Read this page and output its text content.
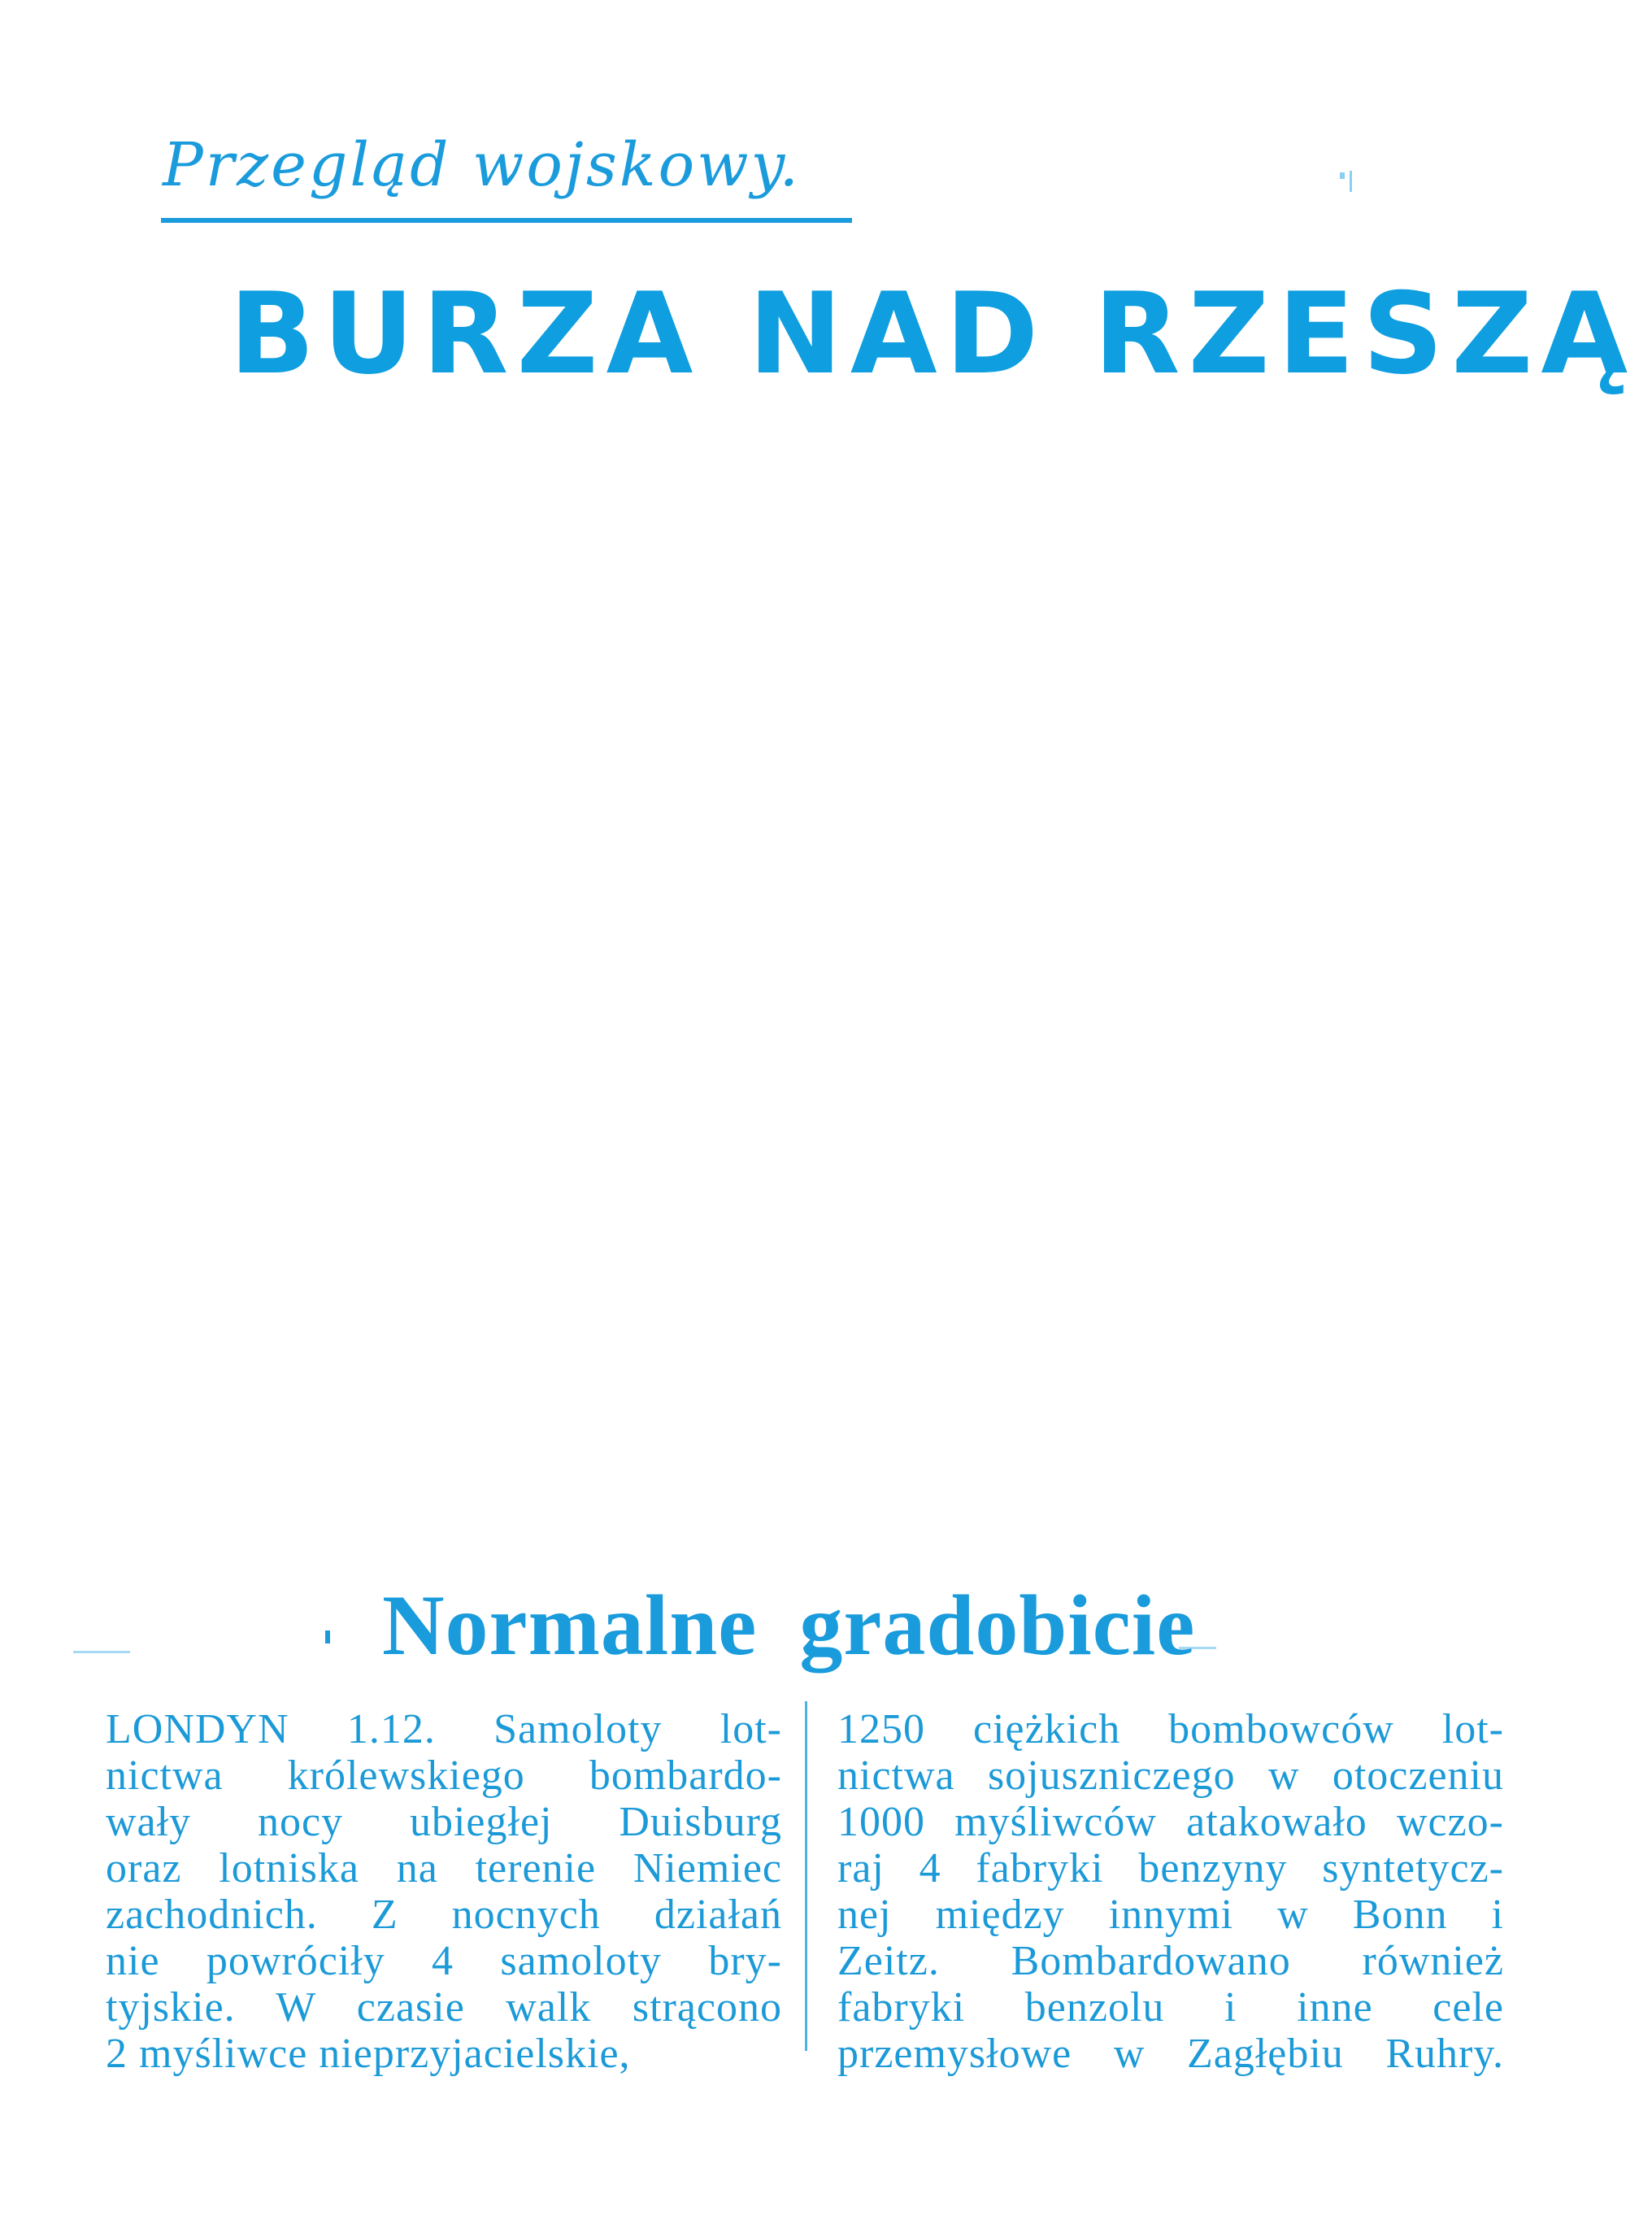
Przegląd wojskowy.
BURZA NAD RZESZĄ
Normalne gradobicie
LONDYN 1.12. Samoloty lot-
nictwa królewskiego bombardo-
wały nocy ubiegłej Duisburg
oraz lotniska na terenie Niemiec
zachodnich. Z nocnych działań
nie powróciły 4 samoloty bry-
tyjskie. W czasie walk strącono
2 myśliwce nieprzyjacielskie,
1250 ciężkich bombowców lot-
nictwa sojuszniczego w otoczeniu
1000 myśliwców atakowało wczo-
raj 4 fabryki benzyny syntetycz-
nej między innymi w Bonn i
Zeitz. Bombardowano również
fabryki benzolu i inne cele
przemysłowe w Zagłębiu Ruhry.
